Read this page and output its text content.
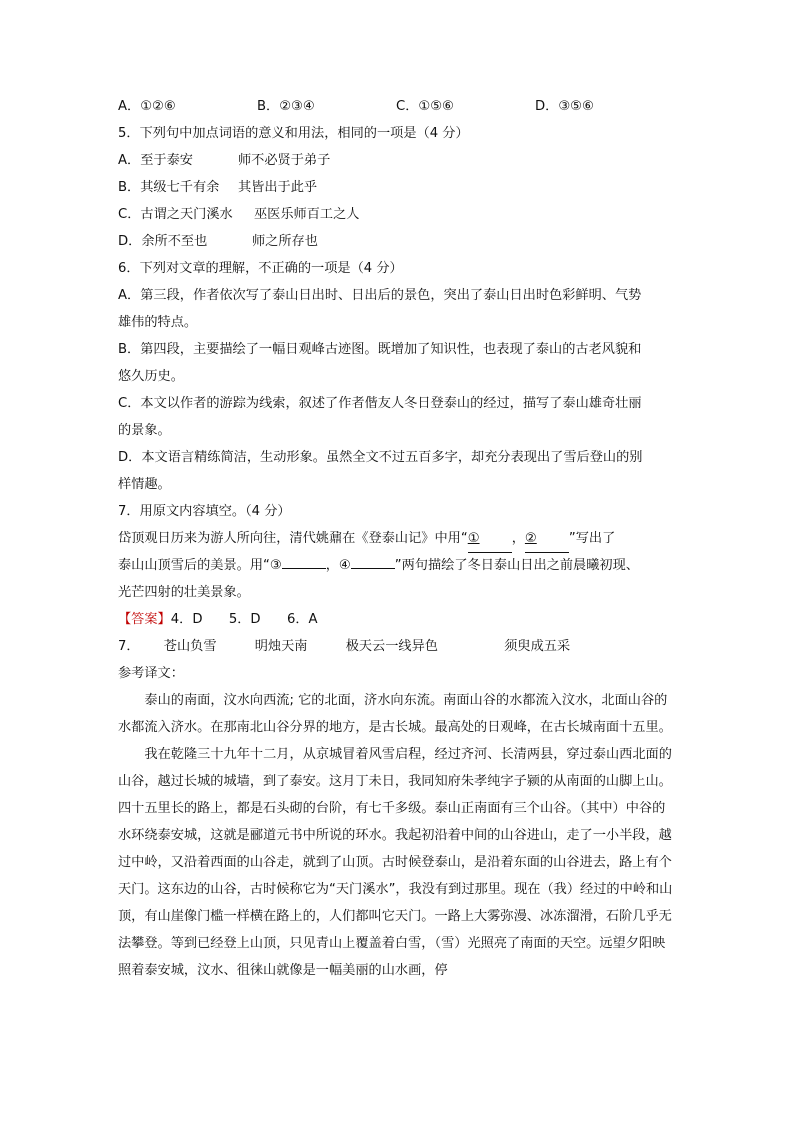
A．①②⑥	B．②③④	C．①⑤⑥	D．③⑤⑥
5．下列句中加点词语的意义和用法，相同的一项是（4 分）
A．至于泰安	师不必贤于弟子
B．其级七千有余 其皆出于此乎
C．古谓之天门溪水 巫医乐师百工之人
D．余所不至也	师之所存也
6．下列对文章的理解，不正确的一项是（4 分）
A．第三段，作者依次写了泰山日出时、日出后的景色，突出了泰山日出时色彩鲜明、气势
雄伟的特点。
B．第四段，主要描绘了一幅日观峰古迹图。既增加了知识性，也表现了泰山的古老风貌和
悠久历史。
C．本文以作者的游踪为线索，叙述了作者偕友人冬日登泰山的经过，描写了泰山雄奇壮丽
的景象。
D．本文语言精练简洁，生动形象。虽然全文不过五百多字，却充分表现出了雪后登山的别
样情趣。
7．用原文内容填空。（4 分）
岱顶观日历来为游人所向往，清代姚鼐在《登泰山记》中用“① ，② ”写出了
泰山山顶雪后的美景。用“③	，④	”两句描绘了冬日泰山日出之前晨曦初现、
光芒四射的壮美景象。
【答案】4．D　　5．D　　6．A
7． 苍山负雪	明烛天南	极天云一线异色	须臾成五采
参考译文：
泰山的南面，汶水向西流; 它的北面，济水向东流。南面山谷的水都流入汶水，北面山谷的水都流入济水。在那南北山谷分界的地方，是古长城。最高处的日观峰，在古长城南面十五里。
我在乾隆三十九年十二月，从京城冒着风雪启程，经过齐河、长清两县，穿过泰山西北面的山谷，越过长城的城墙，到了泰安。这月丁未日，我同知府朱孝纯字子颍的从南面的山脚上山。四十五里长的路上，都是石头砌的台阶，有七千多级。泰山正南面有三个山谷。（其中）中谷的水环绕泰安城，这就是郦道元书中所说的环水。我起初沿着中间的山谷进山，走了一小半段，越过中岭，又沿着西面的山谷走，就到了山顶。古时候登泰山，是沿着东面的山谷进去，路上有个天门。这东边的山谷，古时候称它为“天门溪水”，我没有到过那里。现在（我）经过的中岭和山顶，有山崖像门槛一样横在路上的，人们都叫它天门。一路上大雾弥漫、冰冻溜滑，石阶几乎无法攀登。等到已经登上山顶，只见青山上覆盖着白雪，（雪）光照亮了南面的天空。远望夕阳映照着泰安城，汶水、徂徕山就像是一幅美丽的山水画，停
